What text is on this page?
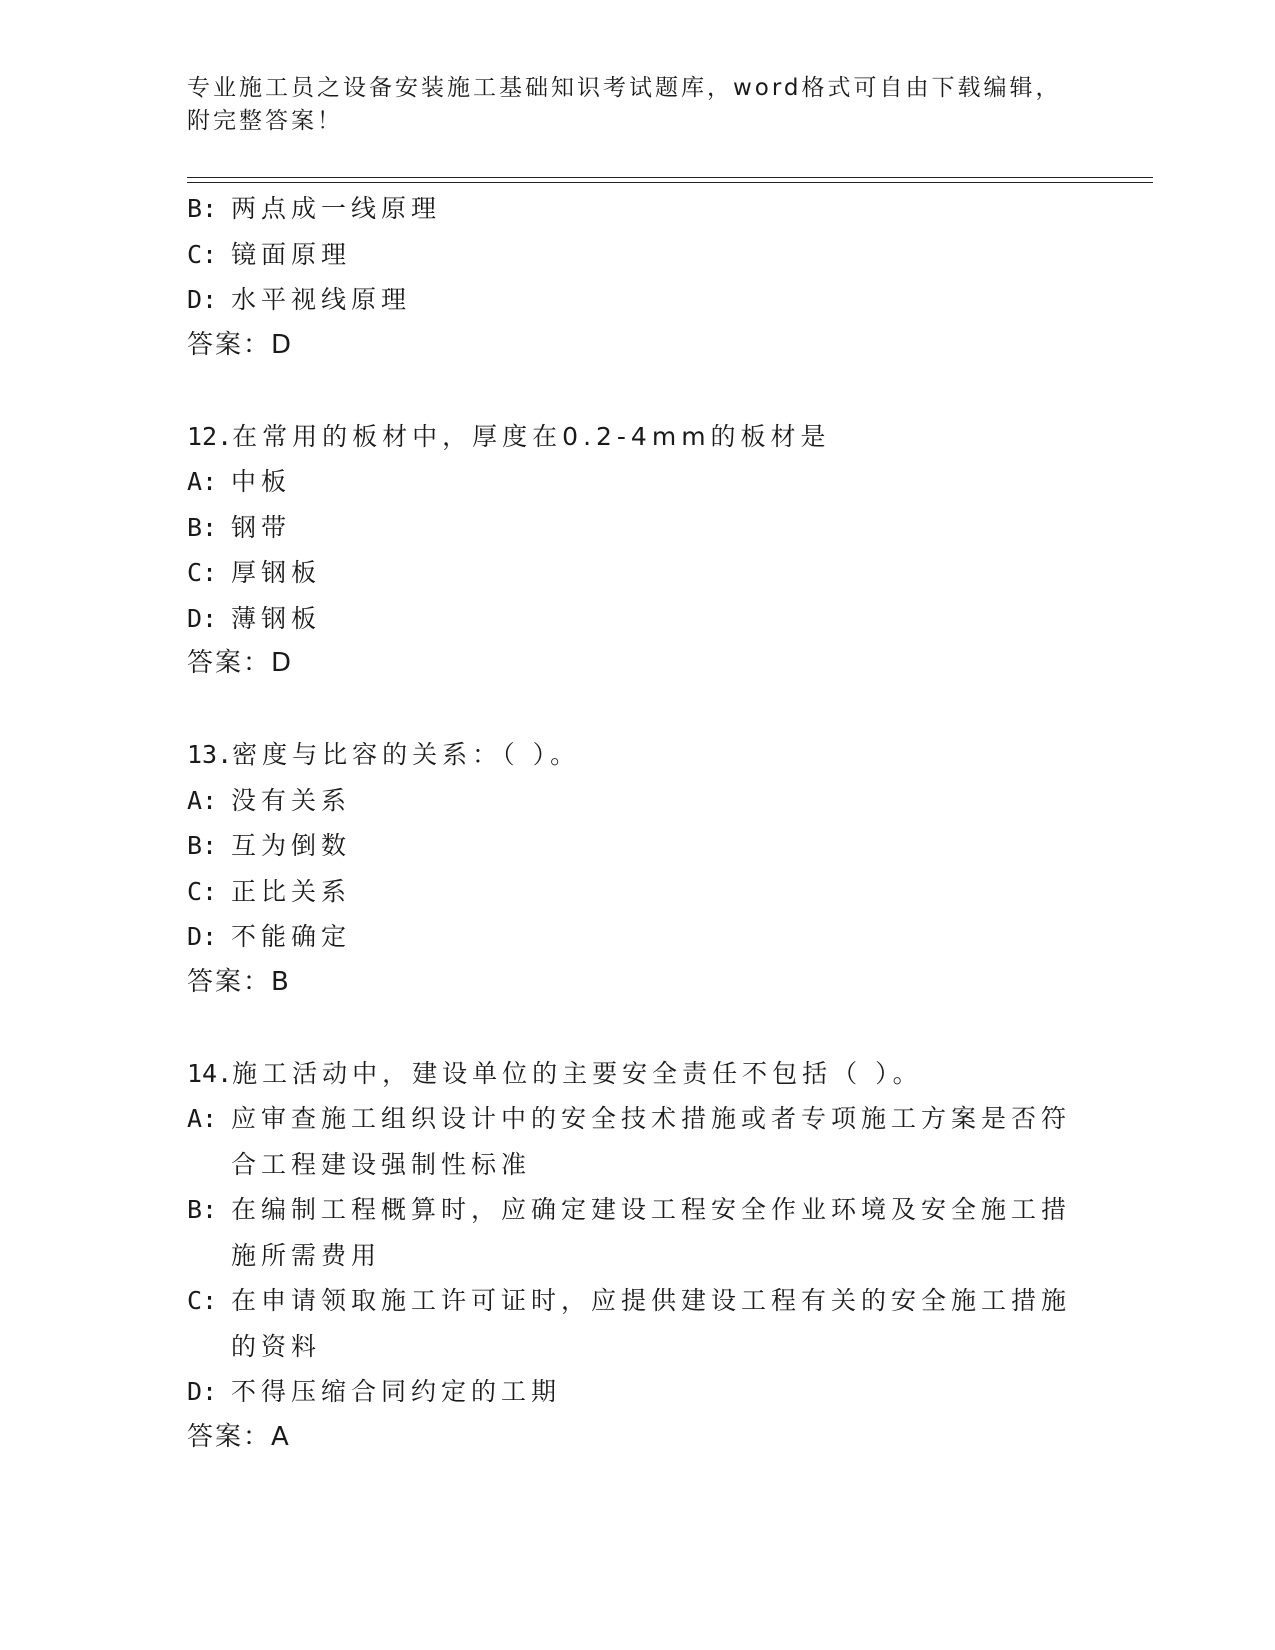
专业施工员之设备安装施工基础知识考试题库，word格式可自由下载编辑，附完整答案！
B: 两点成一线原理
C: 镜面原理
D: 水平视线原理
答案：D
12.在常用的板材中，厚度在0.2-4mm的板材是
A: 中板
B: 钢带
C: 厚钢板
D: 薄钢板
答案：D
13.密度与比容的关系：（ ）。
A: 没有关系
B: 互为倒数
C: 正比关系
D: 不能确定
答案：B
14.施工活动中，建设单位的主要安全责任不包括（ ）。
A: 应审查施工组织设计中的安全技术措施或者专项施工方案是否符合工程建设强制性标准
B: 在编制工程概算时，应确定建设工程安全作业环境及安全施工措施所需费用
C: 在申请领取施工许可证时，应提供建设工程有关的安全施工措施的资料
D: 不得压缩合同约定的工期
答案：A
